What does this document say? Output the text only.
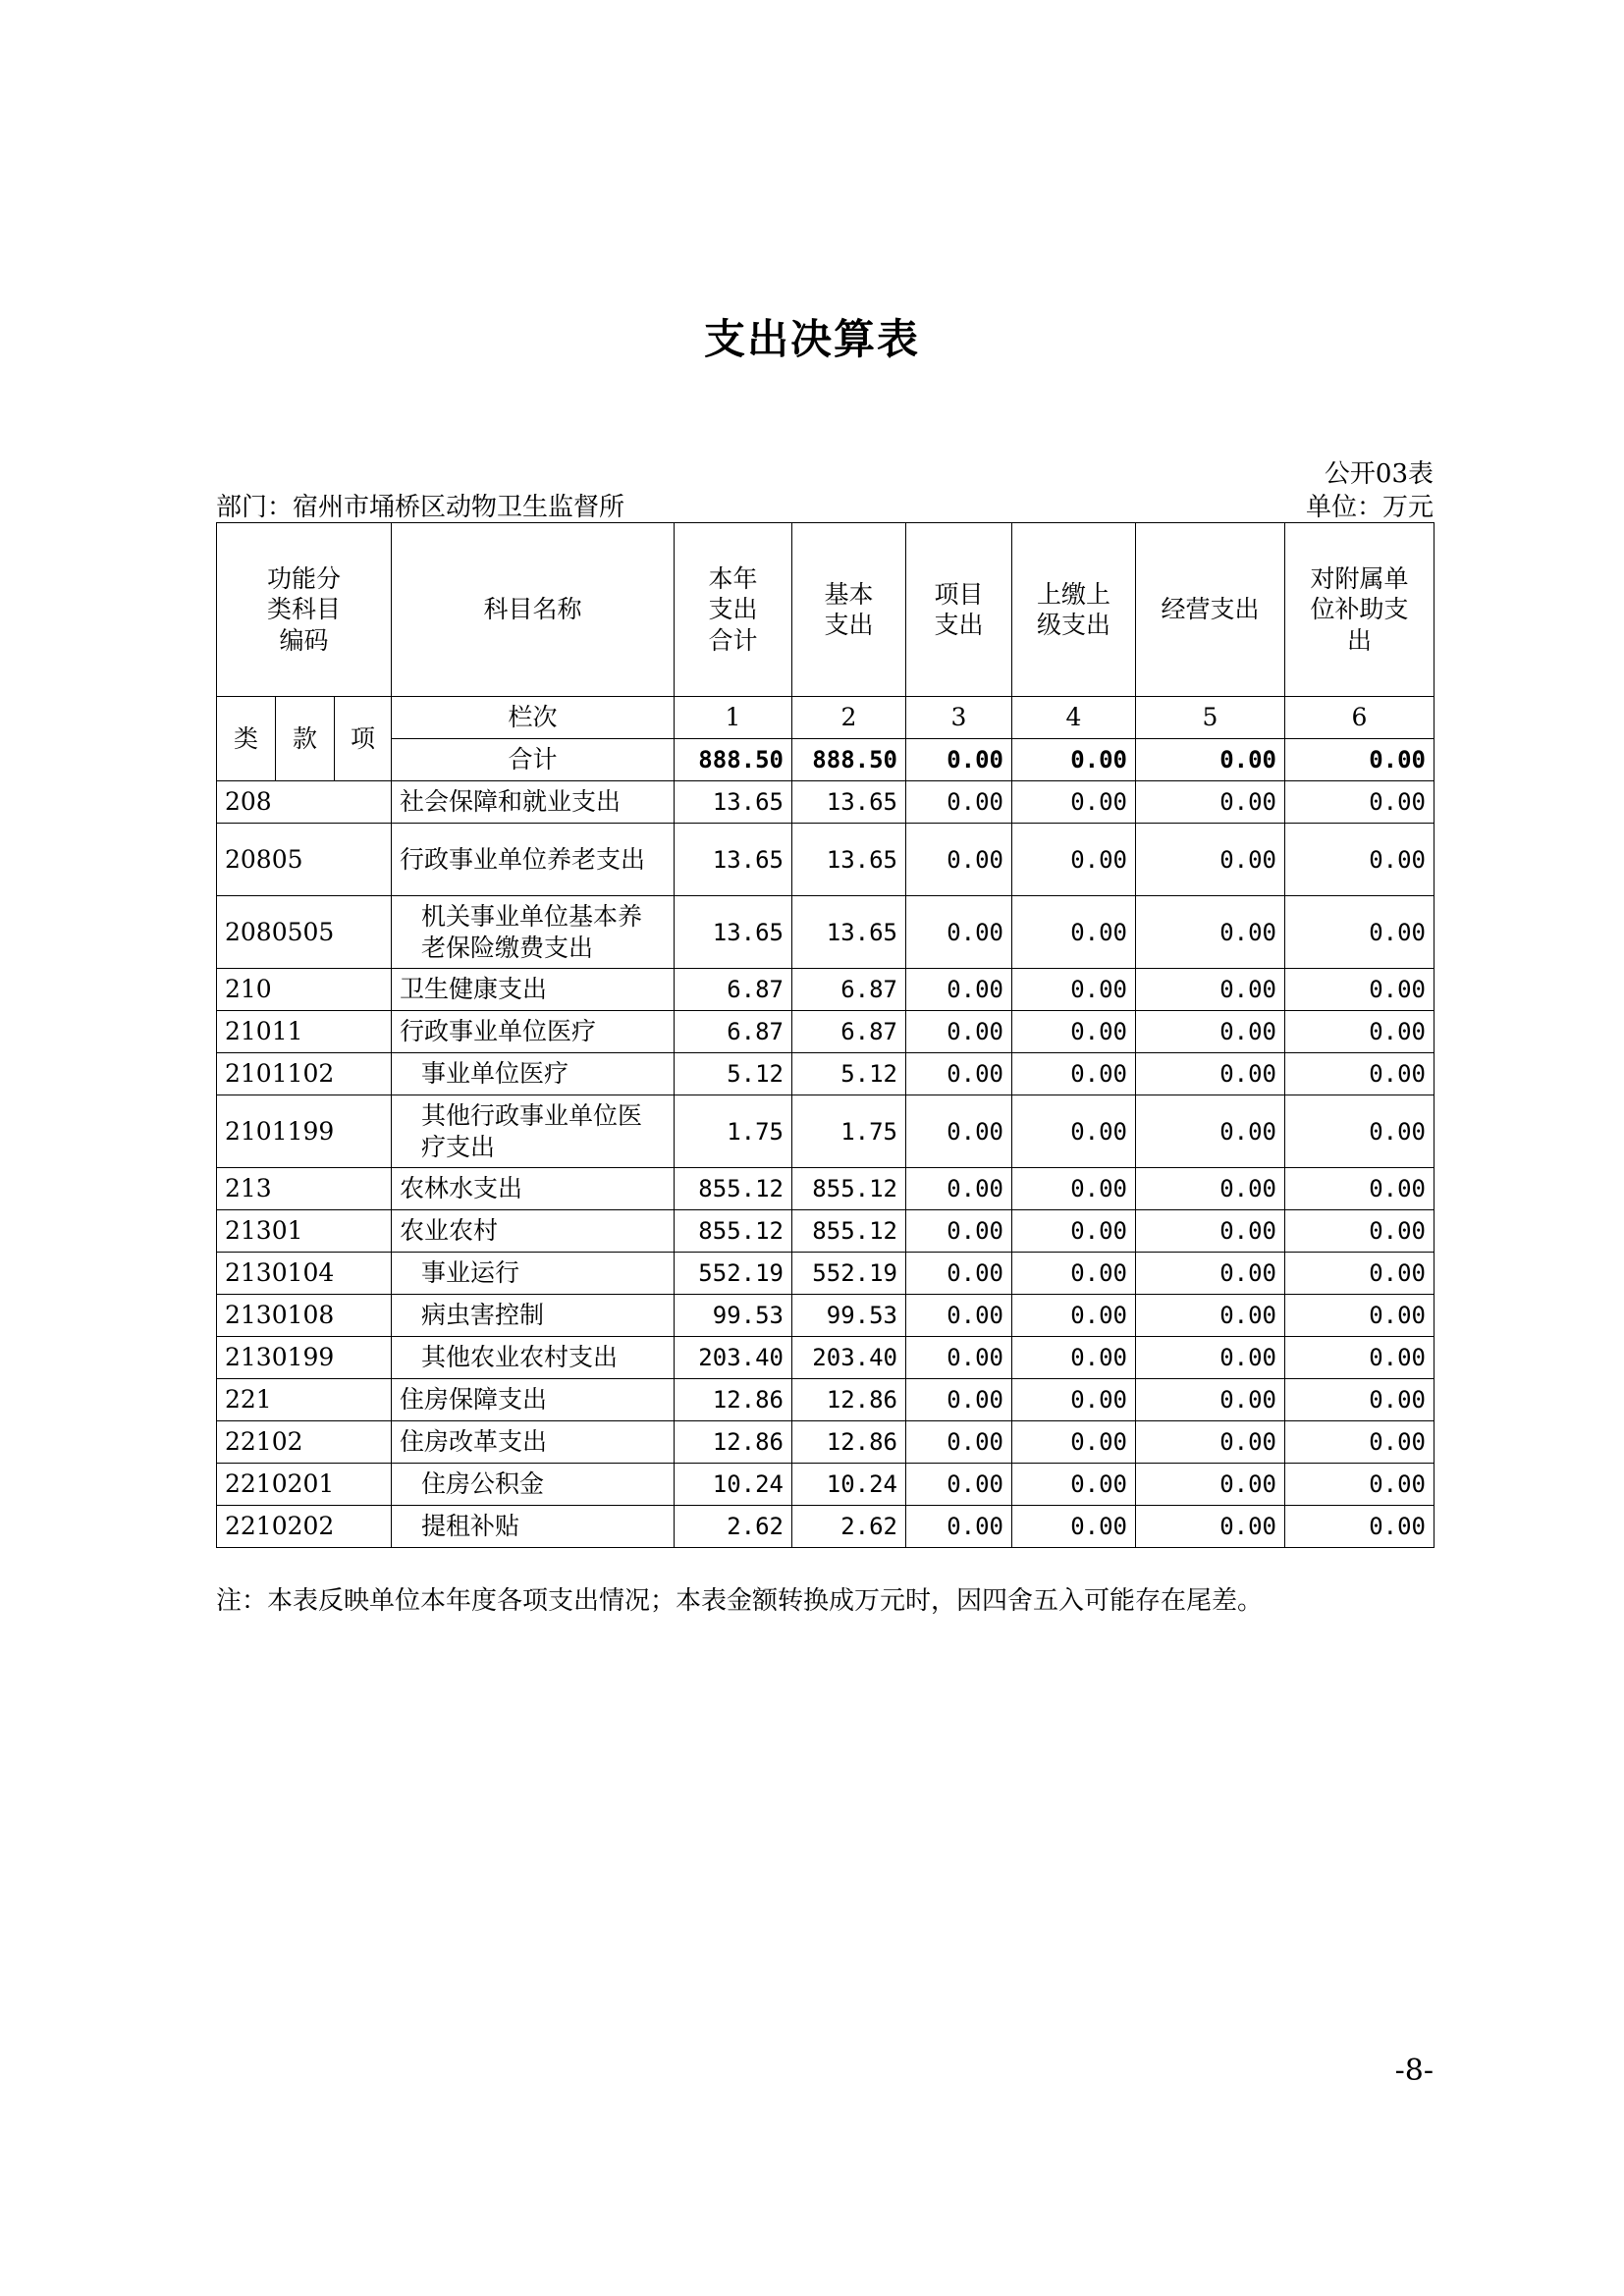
支出决算表
公开03表
部门：宿州市埇桥区动物卫生监督所	单位：万元
功能分类科目编码			科目名称	本年支出合计	基本支出	项目支出	上缴上级支出	经营支出	对附属单位补助支出
类	款	项	栏次	1	2	3	4	5	6
			合计	888.50	888.50	0.00	0.00	0.00	0.00
208			社会保障和就业支出	13.65	13.65	0.00	0.00	0.00	0.00
20805			行政事业单位养老支出	13.65	13.65	0.00	0.00	0.00	0.00
2080505			机关事业单位基本养老保险缴费支出	13.65	13.65	0.00	0.00	0.00	0.00
210			卫生健康支出	6.87	6.87	0.00	0.00	0.00	0.00
21011			行政事业单位医疗	6.87	6.87	0.00	0.00	0.00	0.00
2101102			事业单位医疗	5.12	5.12	0.00	0.00	0.00	0.00
2101199			其他行政事业单位医疗支出	1.75	1.75	0.00	0.00	0.00	0.00
213			农林水支出	855.12	855.12	0.00	0.00	0.00	0.00
21301			农业农村	855.12	855.12	0.00	0.00	0.00	0.00
2130104			事业运行	552.19	552.19	0.00	0.00	0.00	0.00
2130108			病虫害控制	99.53	99.53	0.00	0.00	0.00	0.00
2130199			其他农业农村支出	203.40	203.40	0.00	0.00	0.00	0.00
221			住房保障支出	12.86	12.86	0.00	0.00	0.00	0.00
22102			住房改革支出	12.86	12.86	0.00	0.00	0.00	0.00
2210201			住房公积金	10.24	10.24	0.00	0.00	0.00	0.00
2210202			提租补贴	2.62	2.62	0.00	0.00	0.00	0.00
注：本表反映单位本年度各项支出情况；本表金额转换成万元时，因四舍五入可能存在尾差。
-8-
